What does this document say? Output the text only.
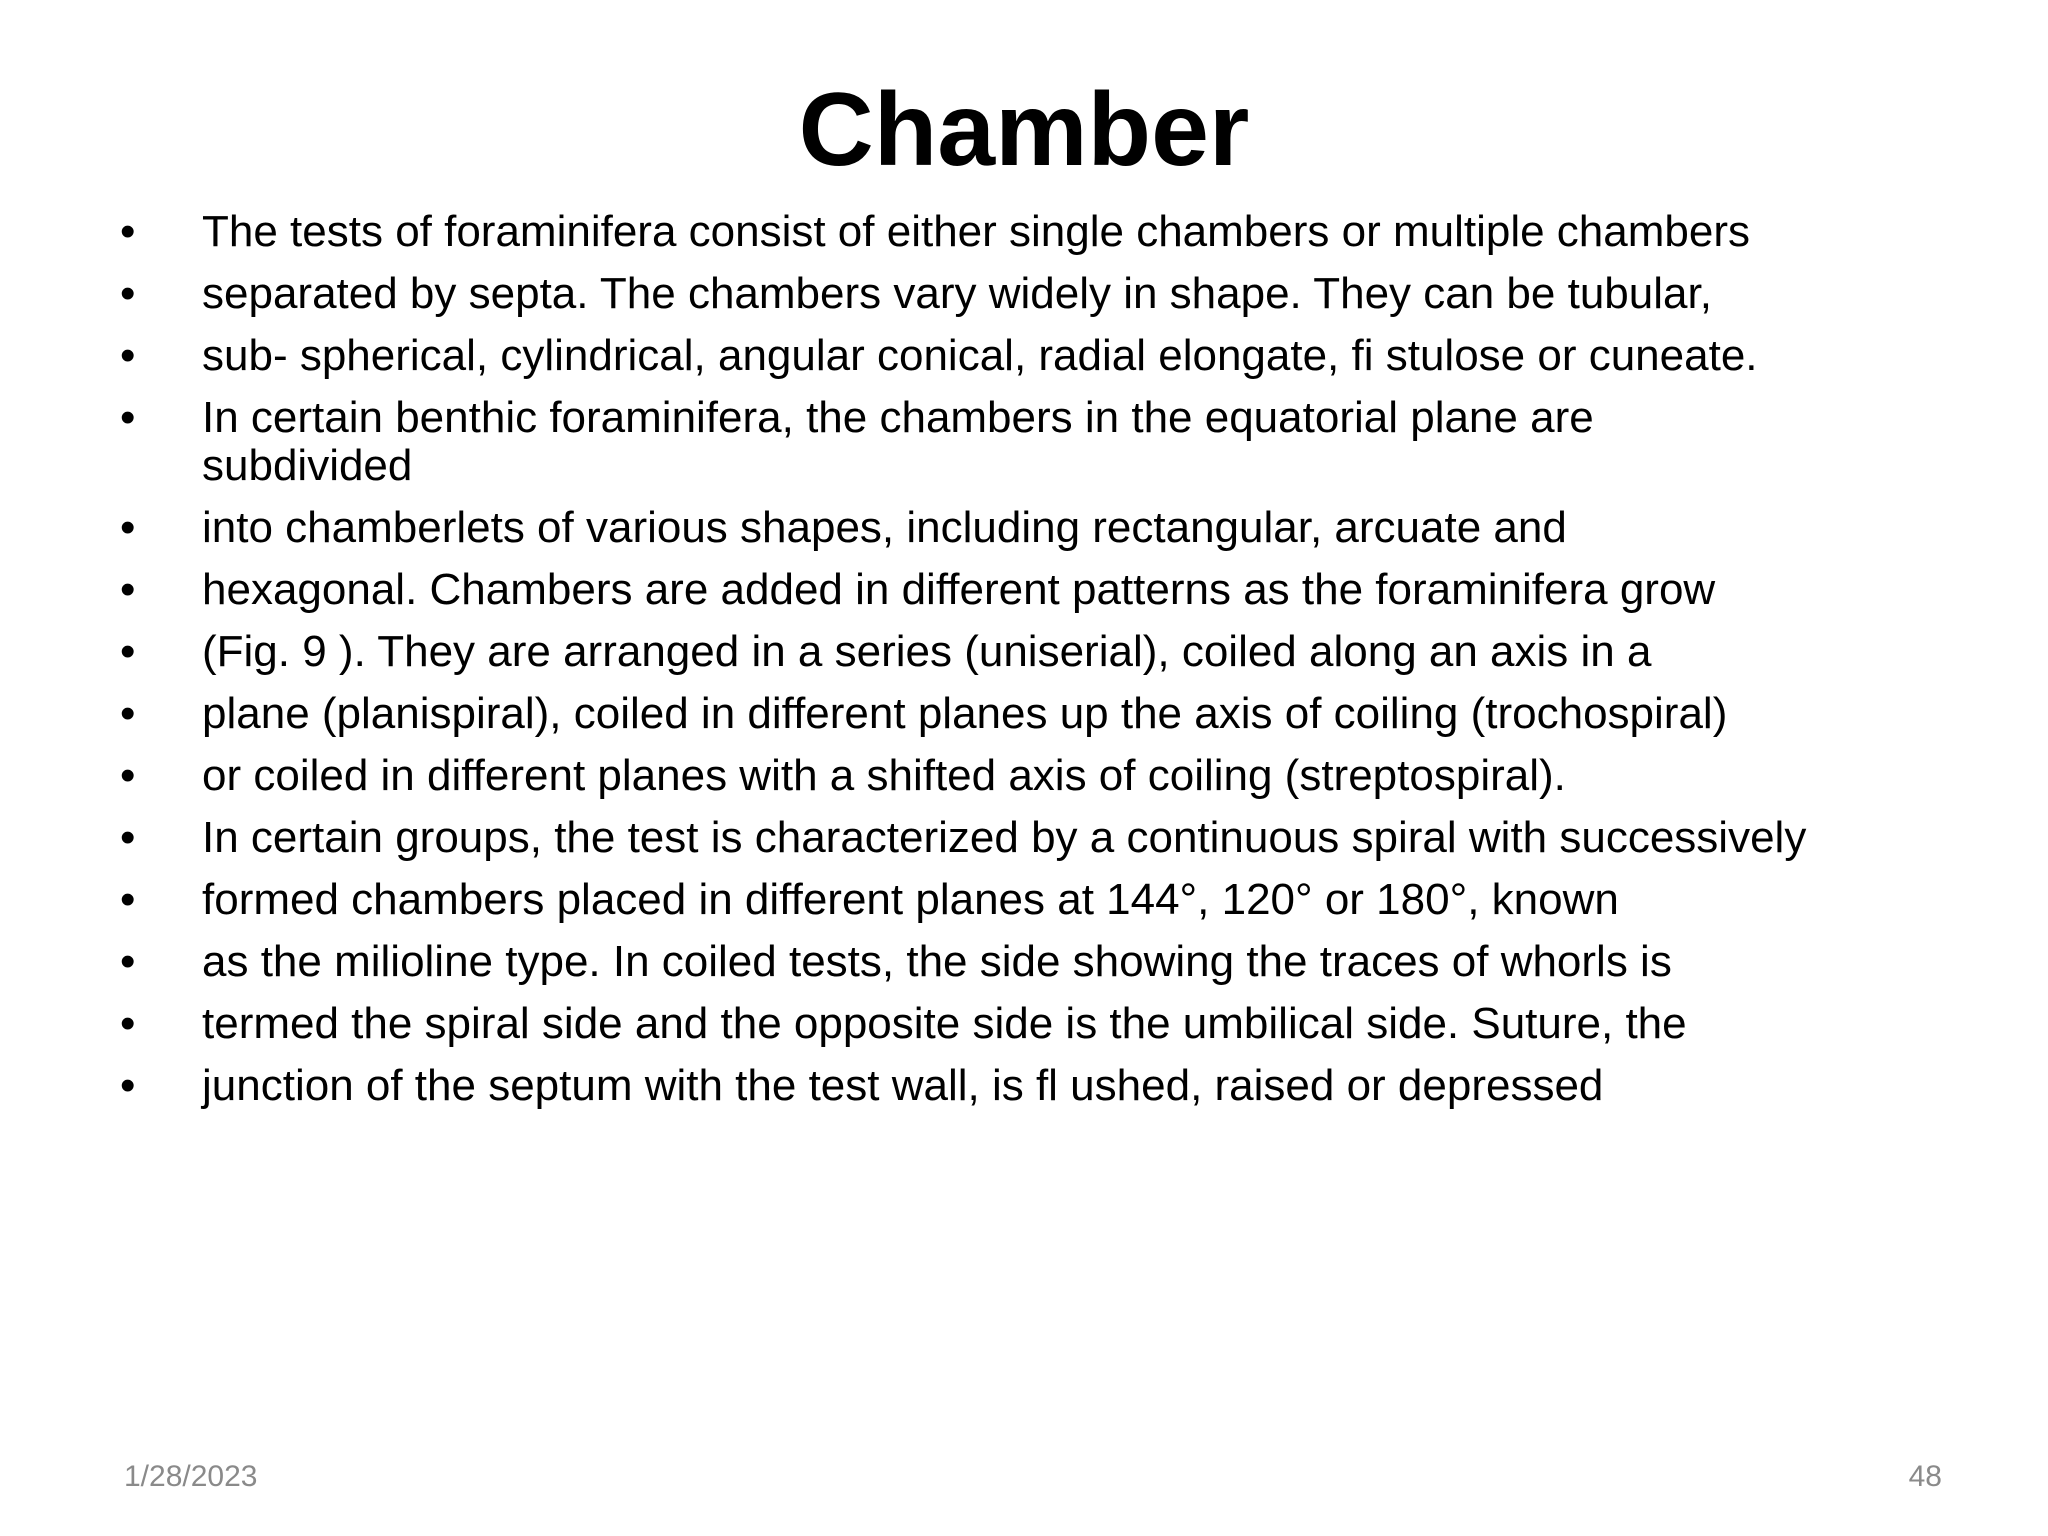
Chamber
•	The tests of foraminifera consist of either single chambers or multiple chambers
•	separated by septa. The chambers vary widely in shape. They can be tubular,
•	sub- spherical, cylindrical, angular conical, radial elongate, fi stulose or cuneate.
•	In certain benthic foraminifera, the chambers in the equatorial plane are subdivided
•	into chamberlets of various shapes, including rectangular, arcuate and
•	hexagonal. Chambers are added in different patterns as the foraminifera grow
•	(Fig. 9 ). They are arranged in a series (uniserial), coiled along an axis in a
•	plane (planispiral), coiled in different planes up the axis of coiling (trochospiral)
•	or coiled in different planes with a shifted axis of coiling (streptospiral).
•	In certain groups, the test is characterized by a continuous spiral with successively
•	formed chambers placed in different planes at 144°, 120° or 180°, known
•	as the milioline type. In coiled tests, the side showing the traces of whorls is
•	termed the spiral side and the opposite side is the umbilical side. Suture, the
•	junction of the septum with the test wall, is fl ushed, raised or depressed
1/28/2023	48
